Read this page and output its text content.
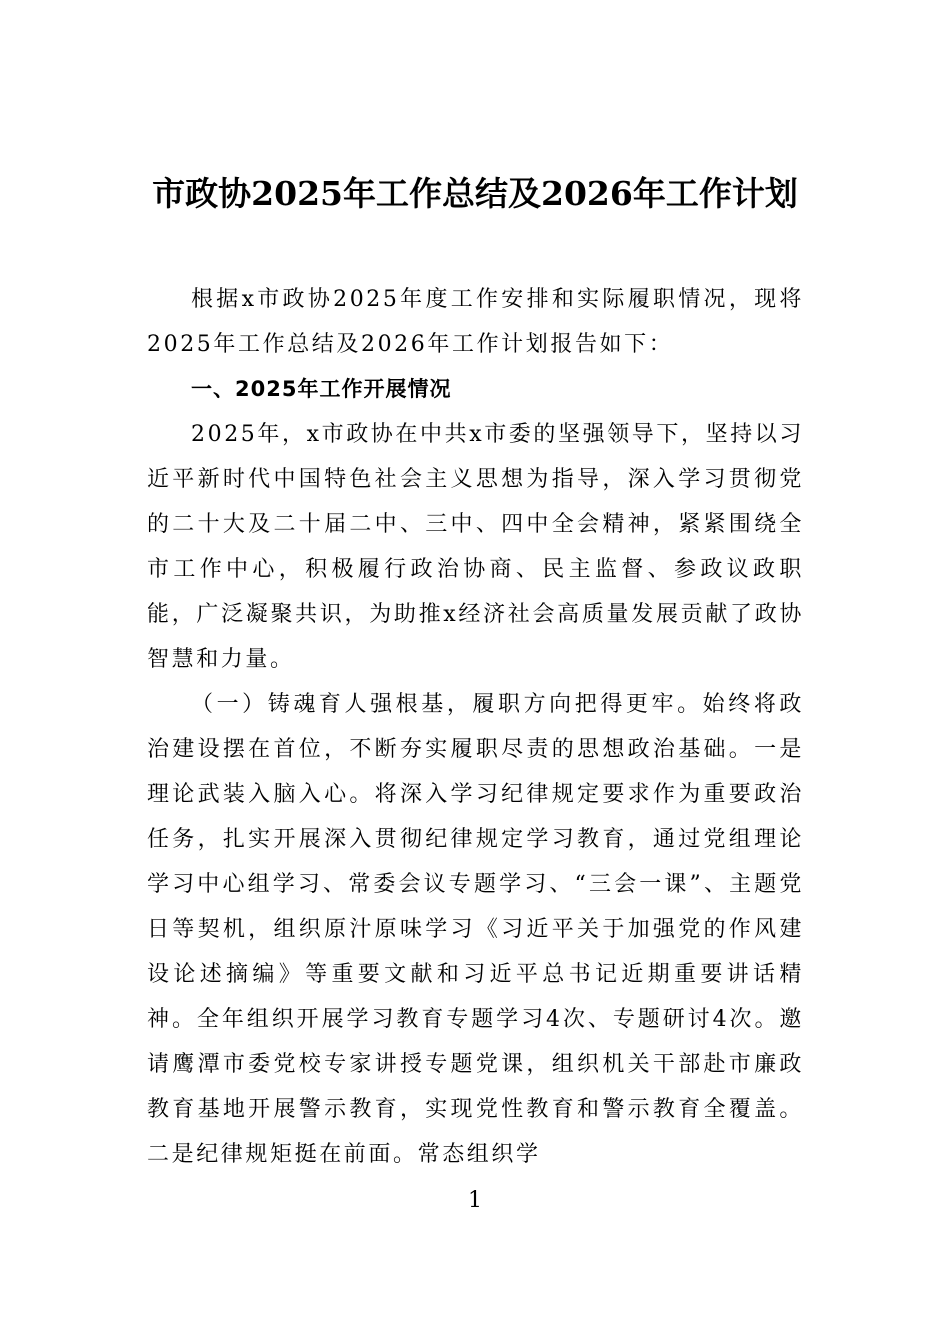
市政协2025年工作总结及2026年工作计划

根据x市政协2025年度工作安排和实际履职情况，现将2025年工作总结及2026年工作计划报告如下：

一、2025年工作开展情况

2025年，x市政协在中共x市委的坚强领导下，坚持以习近平新时代中国特色社会主义思想为指导，深入学习贯彻党的二十大及二十届二中、三中、四中全会精神，紧紧围绕全市工作中心，积极履行政治协商、民主监督、参政议政职能，广泛凝聚共识，为助推x经济社会高质量发展贡献了政协智慧和力量。

（一）铸魂育人强根基，履职方向把得更牢。始终将政治建设摆在首位，不断夯实履职尽责的思想政治基础。一是理论武装入脑入心。将深入学习纪律规定要求作为重要政治任务，扎实开展深入贯彻纪律规定学习教育，通过党组理论学习中心组学习、常委会议专题学习、“三会一课”、主题党日等契机，组织原汁原味学习《习近平关于加强党的作风建设论述摘编》等重要文献和习近平总书记近期重要讲话精神。全年组织开展学习教育专题学习4次、专题研讨4次。邀请鹰潭市委党校专家讲授专题党课，组织机关干部赴市廉政教育基地开展警示教育，实现党性教育和警示教育全覆盖。二是纪律规矩挺在前面。常态组织学

1
